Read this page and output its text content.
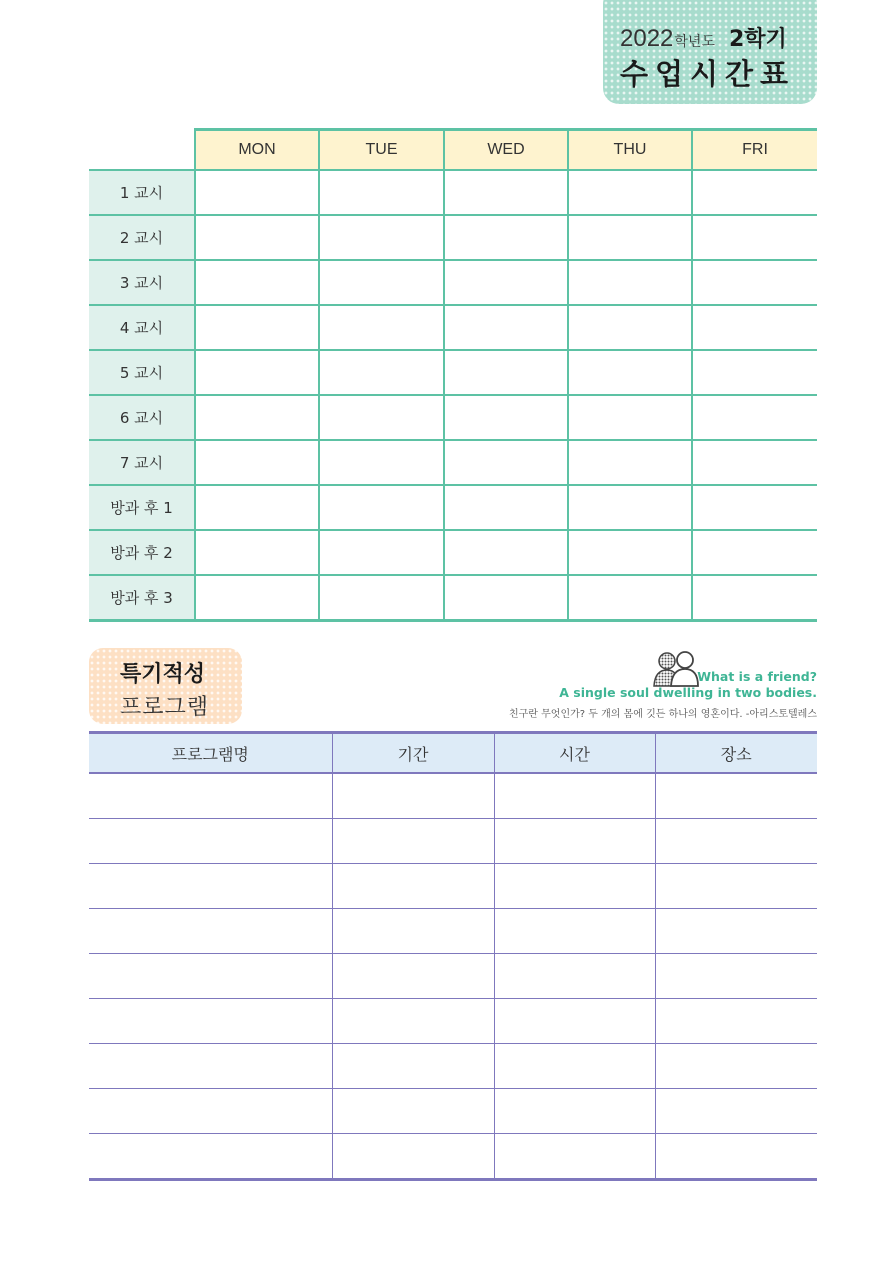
2022 학년도 2학기
수업시간표
	MON	TUE	WED	THU	FRI
1 교시					
2 교시					
3 교시					
4 교시					
5 교시					
6 교시					
7 교시					
방과 후 1					
방과 후 2					
방과 후 3					
특기적성
프로그램
What is a friend?
A single soul dwelling in two bodies.
친구란 무엇인가? 두 개의 몸에 깃든 하나의 영혼이다. -아리스토텔레스
프로그램명	기간	시간	장소
